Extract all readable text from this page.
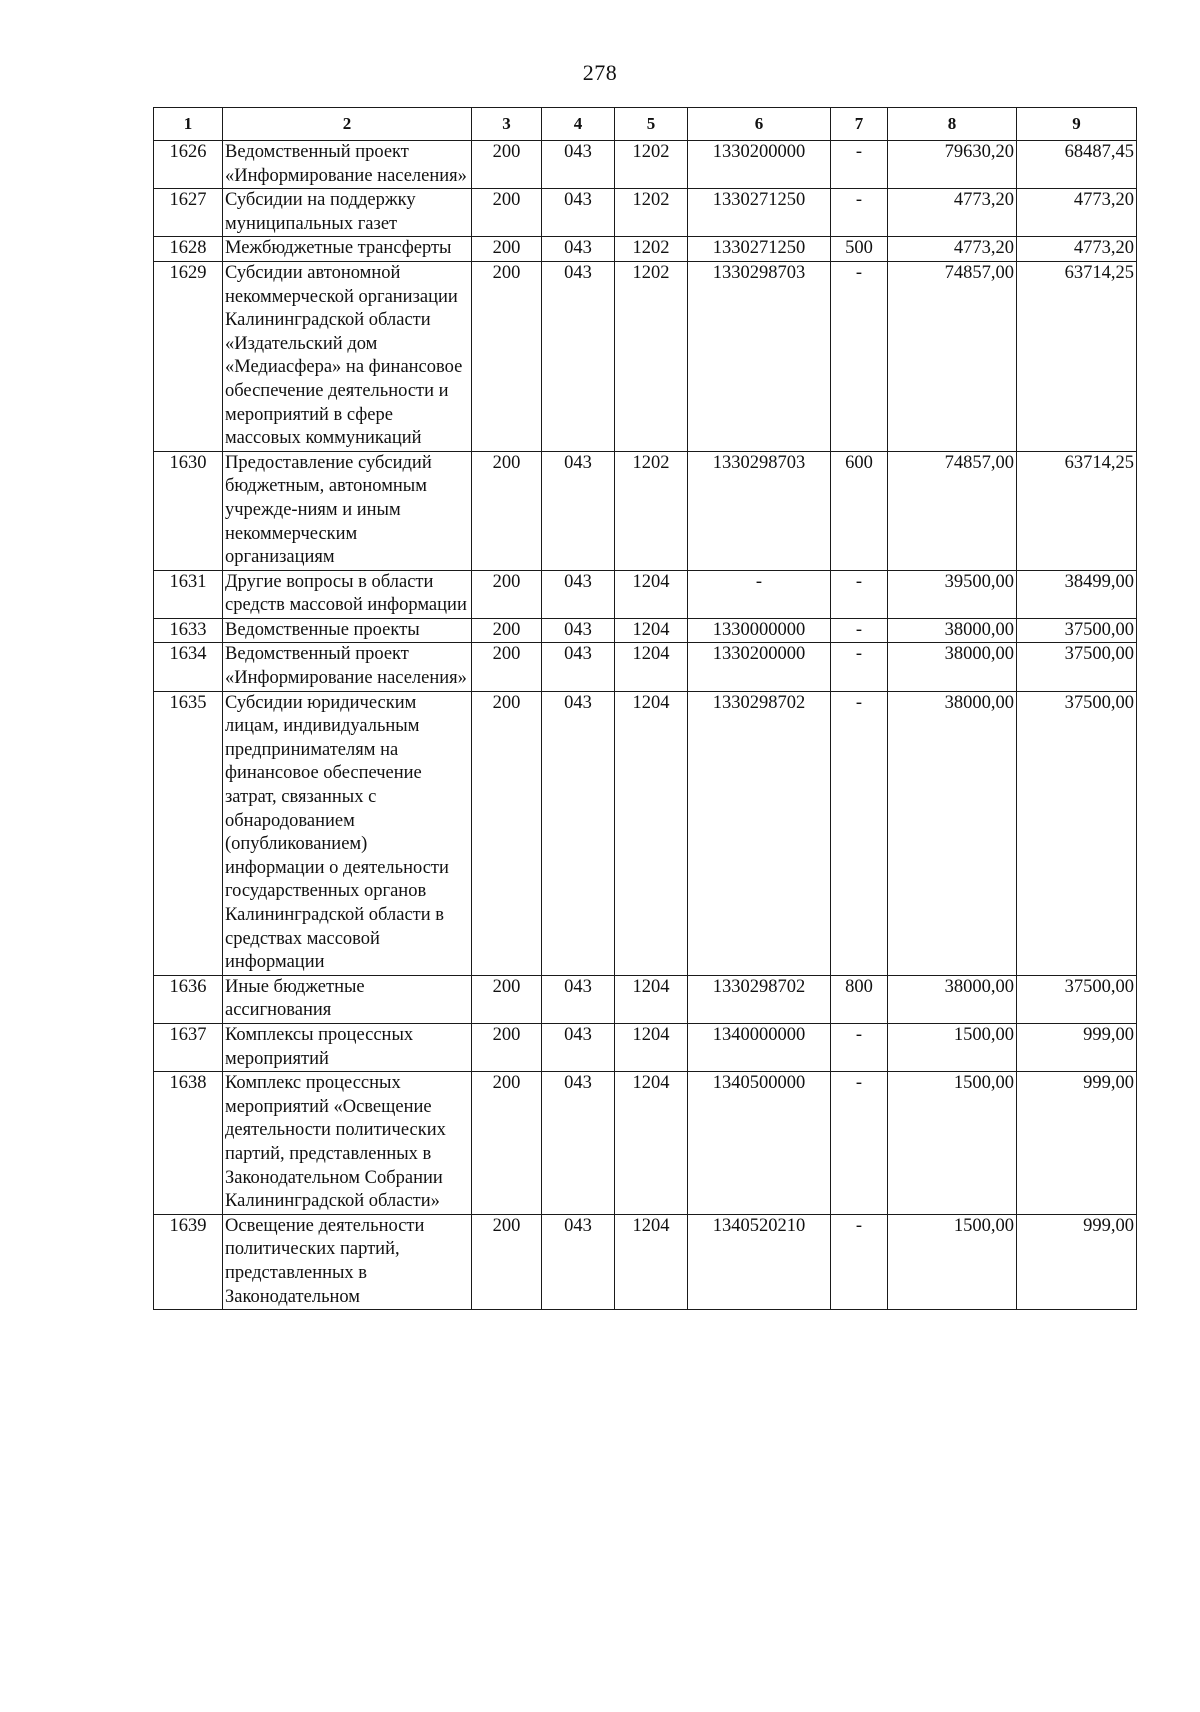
278
1	2	3	4	5	6	7	8	9
1626	Ведомственный проект «Информирование населения»	200	043	1202	1330200000	-	79630,20	68487,45
1627	Субсидии на поддержку муниципальных газет	200	043	1202	1330271250	-	4773,20	4773,20
1628	Межбюджетные трансферты	200	043	1202	1330271250	500	4773,20	4773,20
1629	Субсидии автономной некоммерческой организации Калининградской области «Издательский дом «Медиасфера» на финансовое обеспечение деятельности и мероприятий в сфере массовых коммуникаций	200	043	1202	1330298703	-	74857,00	63714,25
1630	Предоставление субсидий бюджетным, автономным учрежде-ниям и иным некоммерческим организациям	200	043	1202	1330298703	600	74857,00	63714,25
1631	Другие вопросы в области средств массовой информации	200	043	1204	-	-	39500,00	38499,00
1633	Ведомственные проекты	200	043	1204	1330000000	-	38000,00	37500,00
1634	Ведомственный проект «Информирование населения»	200	043	1204	1330200000	-	38000,00	37500,00
1635	Субсидии юридическим лицам, индивидуальным предпринимателям на финансовое обеспечение затрат, связанных с обнародованием (опубликованием) информации о деятельности государственных органов Калининградской области в средствах массовой информации	200	043	1204	1330298702	-	38000,00	37500,00
1636	Иные бюджетные ассигнования	200	043	1204	1330298702	800	38000,00	37500,00
1637	Комплексы процессных мероприятий	200	043	1204	1340000000	-	1500,00	999,00
1638	Комплекс процессных мероприятий «Освещение деятельности политических партий, представленных в Законодательном Собрании Калининградской области»	200	043	1204	1340500000	-	1500,00	999,00
1639	Освещение деятельности политических партий, представленных в Законодательном	200	043	1204	1340520210	-	1500,00	999,00
